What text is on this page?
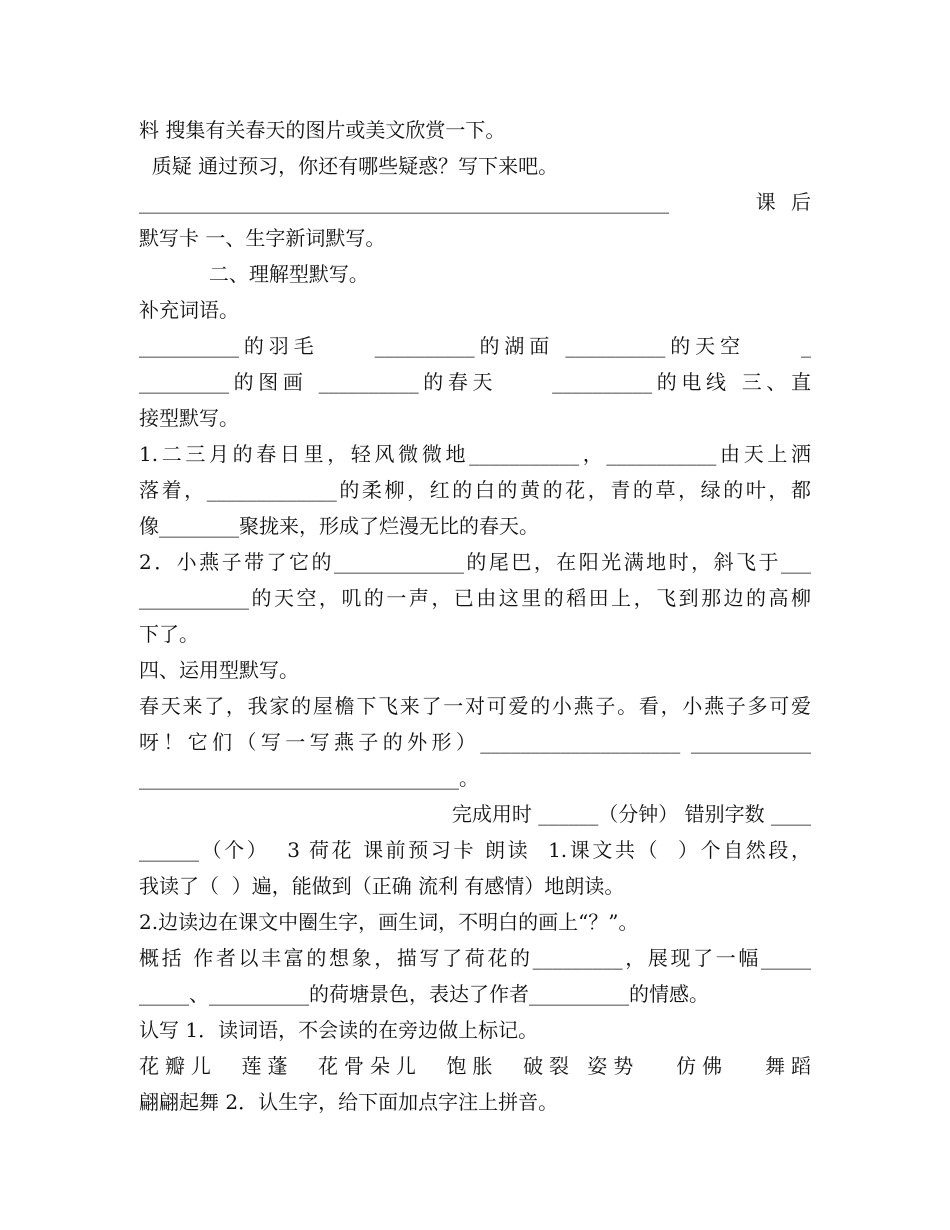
料 搜集有关春天的图片或美文欣赏一下。
质疑 通过预习，你还有哪些疑惑？写下来吧。
_____________________________________________________    课后
默写卡 一、生字新词默写。
二、理解型默写。
补充词语。
__________的羽毛     __________的湖面 __________的天空     _
_________的图画 __________的春天     __________的电线 三、直
接型默写。
1.二三月的春日里，轻风微微地___________，___________由天上洒
落着，_____________的柔柳，红的白的黄的花，青的草，绿的叶，都
像________聚拢来，形成了烂漫无比的春天。
2．小燕子带了它的_____________的尾巴，在阳光满地时，斜飞于___
___________的天空，叽的一声，已由这里的稻田上，飞到那边的高柳
下了。
四、运用型默写。
春天来了，我家的屋檐下飞来了一对可爱的小燕子。看，小燕子多可爱
呀！它们（写一写燕子的外形）____________________ ____________
________________________________。
完成用时 ______（分钟） 错别字数 ____
______（个）  3 荷花 课前预习卡 朗读  1.课文共（  ）个自然段，
我读了（  ）遍，能做到（正确 流利 有感情）地朗读。
2.边读边在课文中圈生字，画生词，不明白的画上“？”。
概括 作者以丰富的想象，描写了荷花的_________，展现了一幅_____
_____、__________的荷塘景色，表达了作者__________的情感。
认写 1．读词语，不会读的在旁边做上标记。
花瓣儿  莲蓬  花骨朵儿  饱胀  破裂 姿势   仿佛   舞蹈
翩翩起舞 2．认生字，给下面加点字注上拼音。
